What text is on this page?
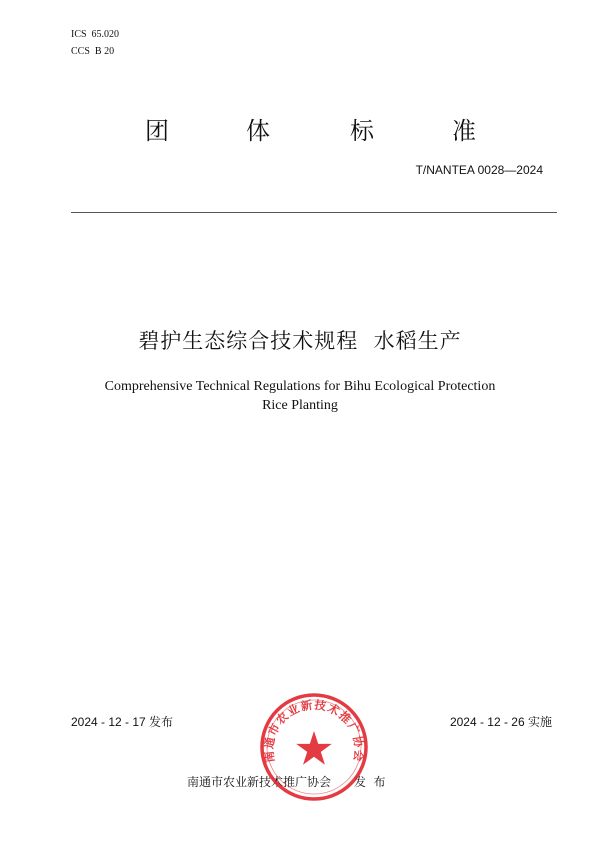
ICS  65.020
CCS  B 20
团	体	标	准
T/NANTEA 0028—2024
碧护生态综合技术规程  水稻生产
Comprehensive Technical Regulations for Bihu Ecological Protection
Rice Planting
2024 - 12 - 17 发布	2024 - 12 - 26 实施
南通市农业新技术推广协会      发  布
南通市农业新技术推广协会
